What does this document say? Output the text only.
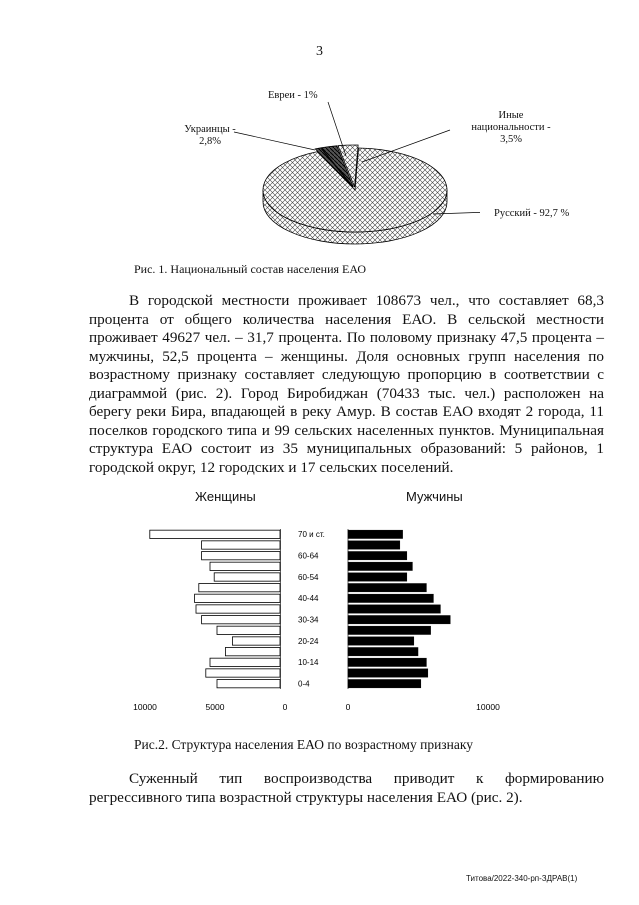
3
Евреи - 1%
Украинцы -
2,8%
Иные
национальности -
3,5%
Русский - 92,7 %
Рис. 1. Национальный состав населения ЕАО

В городской местности проживает 108673 чел., что составляет 68,3 процента от общего количества населения ЕАО. В сельской местности проживает 49627 чел. – 31,7 процента. По половому признаку 47,5 процента – мужчины, 52,5 процента – женщины. Доля основных групп населения по возрастному признаку составляет следующую пропорцию в соответствии с диаграммой (рис. 2). Город Биробиджан (70433 тыс. чел.) расположен на берегу реки Бира, впадающей в реку Амур. В состав ЕАО входят 2 города, 11 поселков городского типа и 99 сельских населенных пунктов. Муниципальная структура ЕАО состоит из 35 муниципальных образований: 5 районов, 1 городской округ, 12 городских и 17 сельских поселений.

Женщины	Мужчины
70 и ст.
60-64
60-54
40-44
30-34
20-24
10-14
0-4
10000	5000	0	0	10000
Рис.2. Структура населения ЕАО по возрастному признаку

Суженный тип воспроизводства приводит к формированию регрессивного типа возрастной структуры населения ЕАО (рис. 2).

Титова/2022-340-рп-ЗДРАВ(1)
